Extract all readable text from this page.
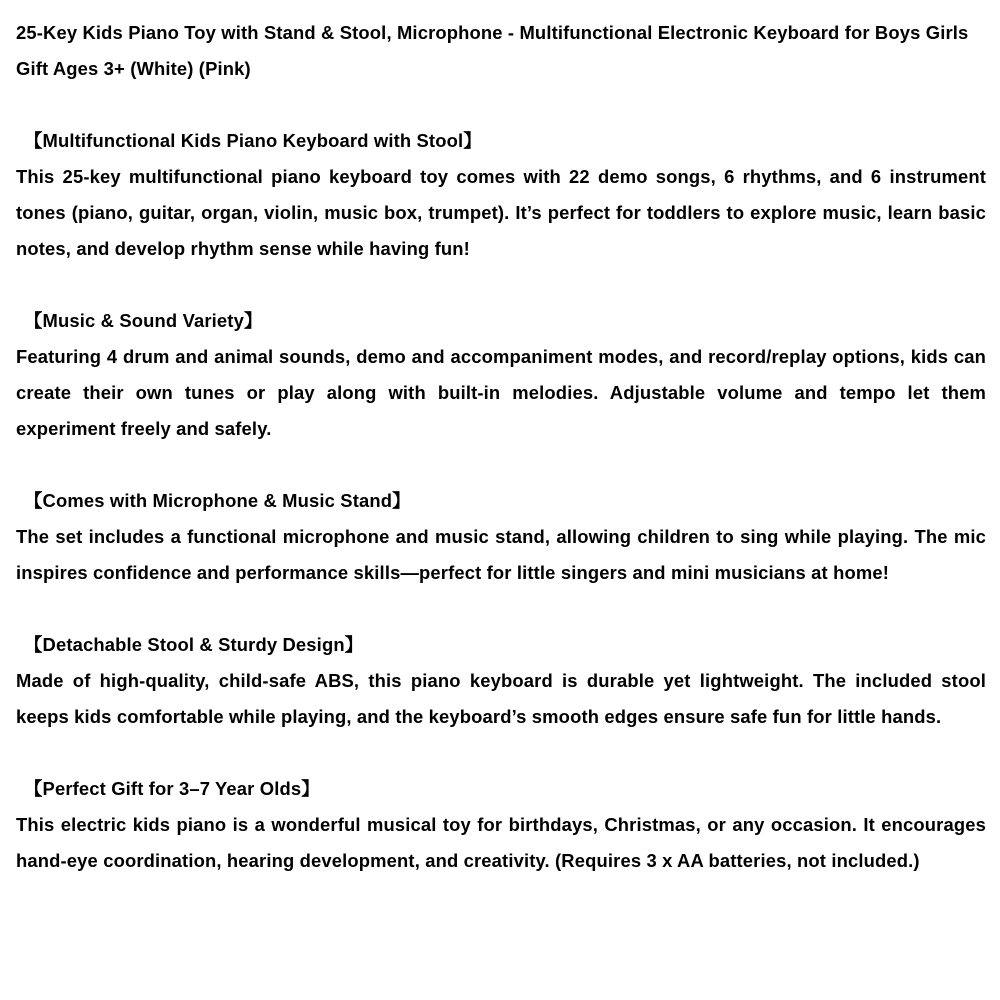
25-Key Kids Piano Toy with Stand & Stool, Microphone - Multifunctional Electronic Keyboard for Boys Girls Gift Ages 3+ (White) (Pink)

【Multifunctional Kids Piano Keyboard with Stool】

This 25-key multifunctional piano keyboard toy comes with 22 demo songs, 6 rhythms, and 6 instrument tones (piano, guitar, organ, violin, music box, trumpet). It’s perfect for toddlers to explore music, learn basic notes, and develop rhythm sense while having fun!

【Music & Sound Variety】

Featuring 4 drum and animal sounds, demo and accompaniment modes, and record/replay options, kids can create their own tunes or play along with built-in melodies. Adjustable volume and tempo let them experiment freely and safely.

【Comes with Microphone & Music Stand】

The set includes a functional microphone and music stand, allowing children to sing while playing. The mic inspires confidence and performance skills—perfect for little singers and mini musicians at home!

【Detachable Stool & Sturdy Design】

Made of high-quality, child-safe ABS, this piano keyboard is durable yet lightweight. The included stool keeps kids comfortable while playing, and the keyboard’s smooth edges ensure safe fun for little hands.

【Perfect Gift for 3–7 Year Olds】

This electric kids piano is a wonderful musical toy for birthdays, Christmas, or any occasion. It encourages hand-eye coordination, hearing development, and creativity. (Requires 3 x AA batteries, not included.)
